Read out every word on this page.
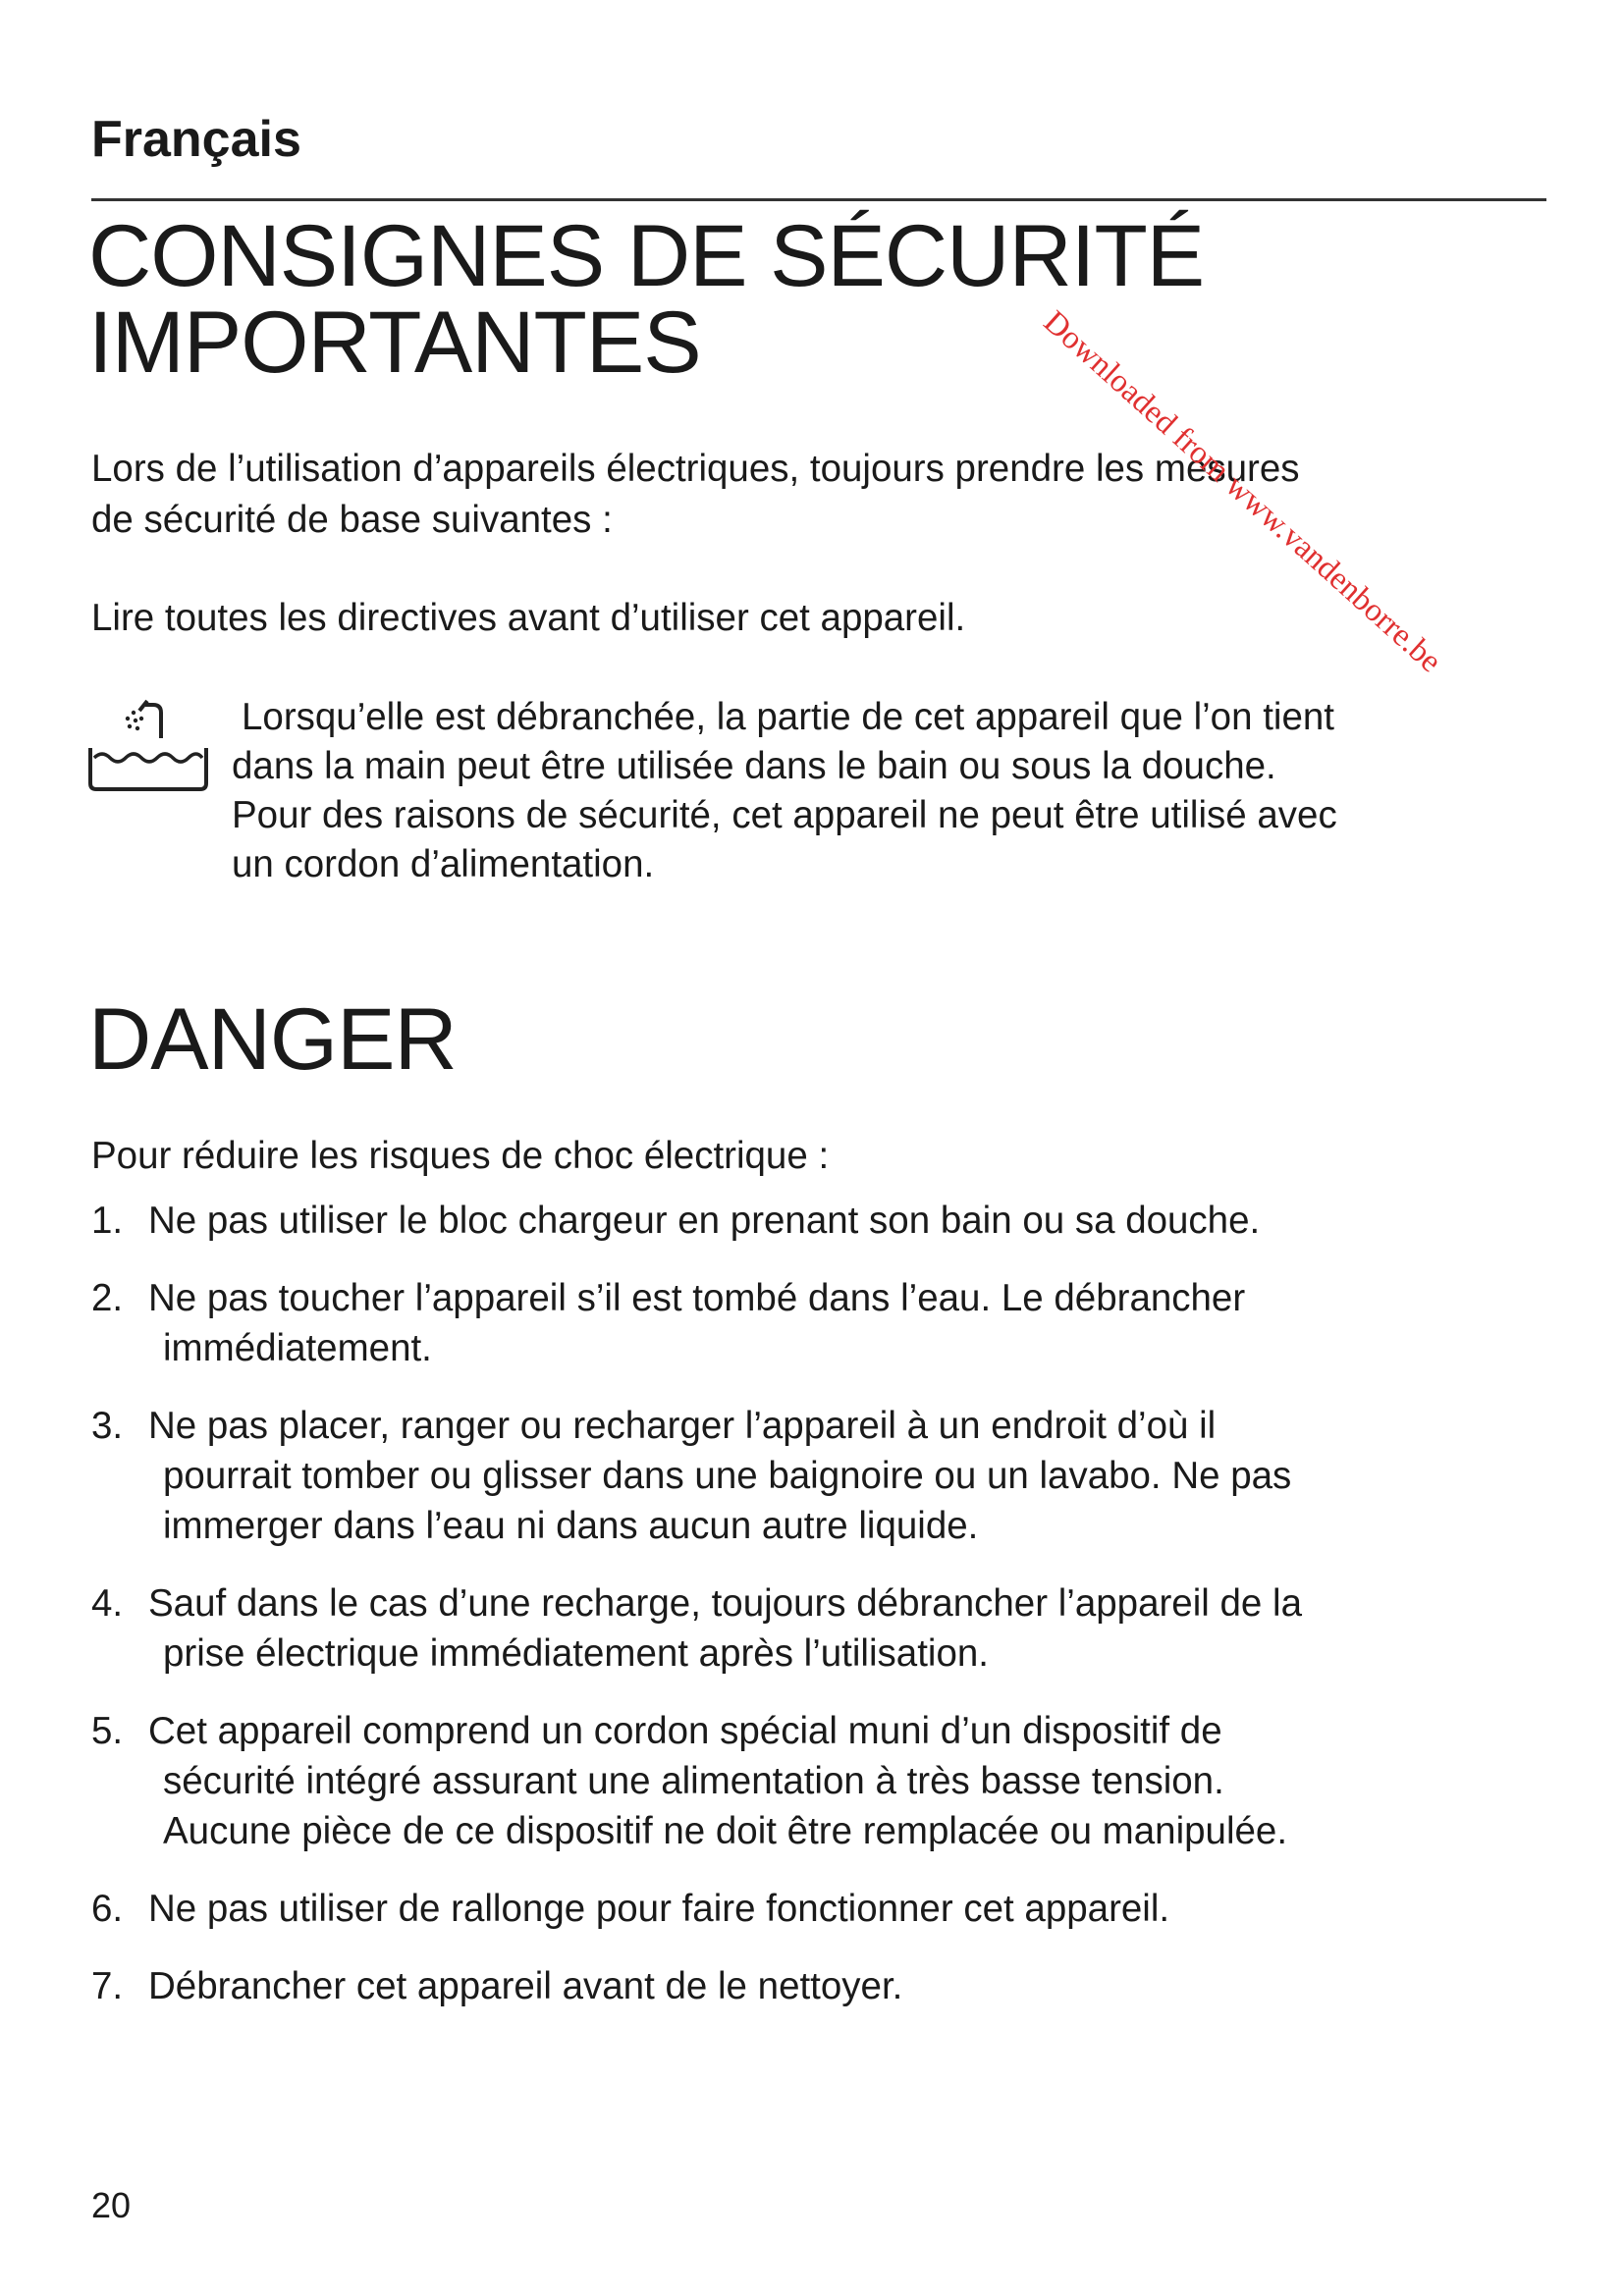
Français
CONSIGNES DE SÉCURITÉ
IMPORTANTES

Lors de l’utilisation d’appareils électriques, toujours prendre les mesures
de sécurité de base suivantes :

Lire toutes les directives avant d’utiliser cet appareil.

Lorsqu’elle est débranchée, la partie de cet appareil que l’on tient
dans la main peut être utilisée dans le bain ou sous la douche.
Pour des raisons de sécurité, cet appareil ne peut être utilisé avec
un cordon d’alimentation.

DANGER

Pour réduire les risques de choc électrique :

1. Ne pas utiliser le bloc chargeur en prenant son bain ou sa douche.
2. Ne pas toucher l’appareil s’il est tombé dans l’eau. Le débrancher
immédiatement.
3. Ne pas placer, ranger ou recharger l’appareil à un endroit d’où il
pourrait tomber ou glisser dans une baignoire ou un lavabo. Ne pas
immerger dans l’eau ni dans aucun autre liquide.
4. Sauf dans le cas d’une recharge, toujours débrancher l’appareil de la
prise électrique immédiatement après l’utilisation.
5. Cet appareil comprend un cordon spécial muni d’un dispositif de
sécurité intégré assurant une alimentation à très basse tension.
Aucune pièce de ce dispositif ne doit être remplacée ou manipulée.
6. Ne pas utiliser de rallonge pour faire fonctionner cet appareil.
7. Débrancher cet appareil avant de le nettoyer.
20
Downloaded from www.vandenborre.be
